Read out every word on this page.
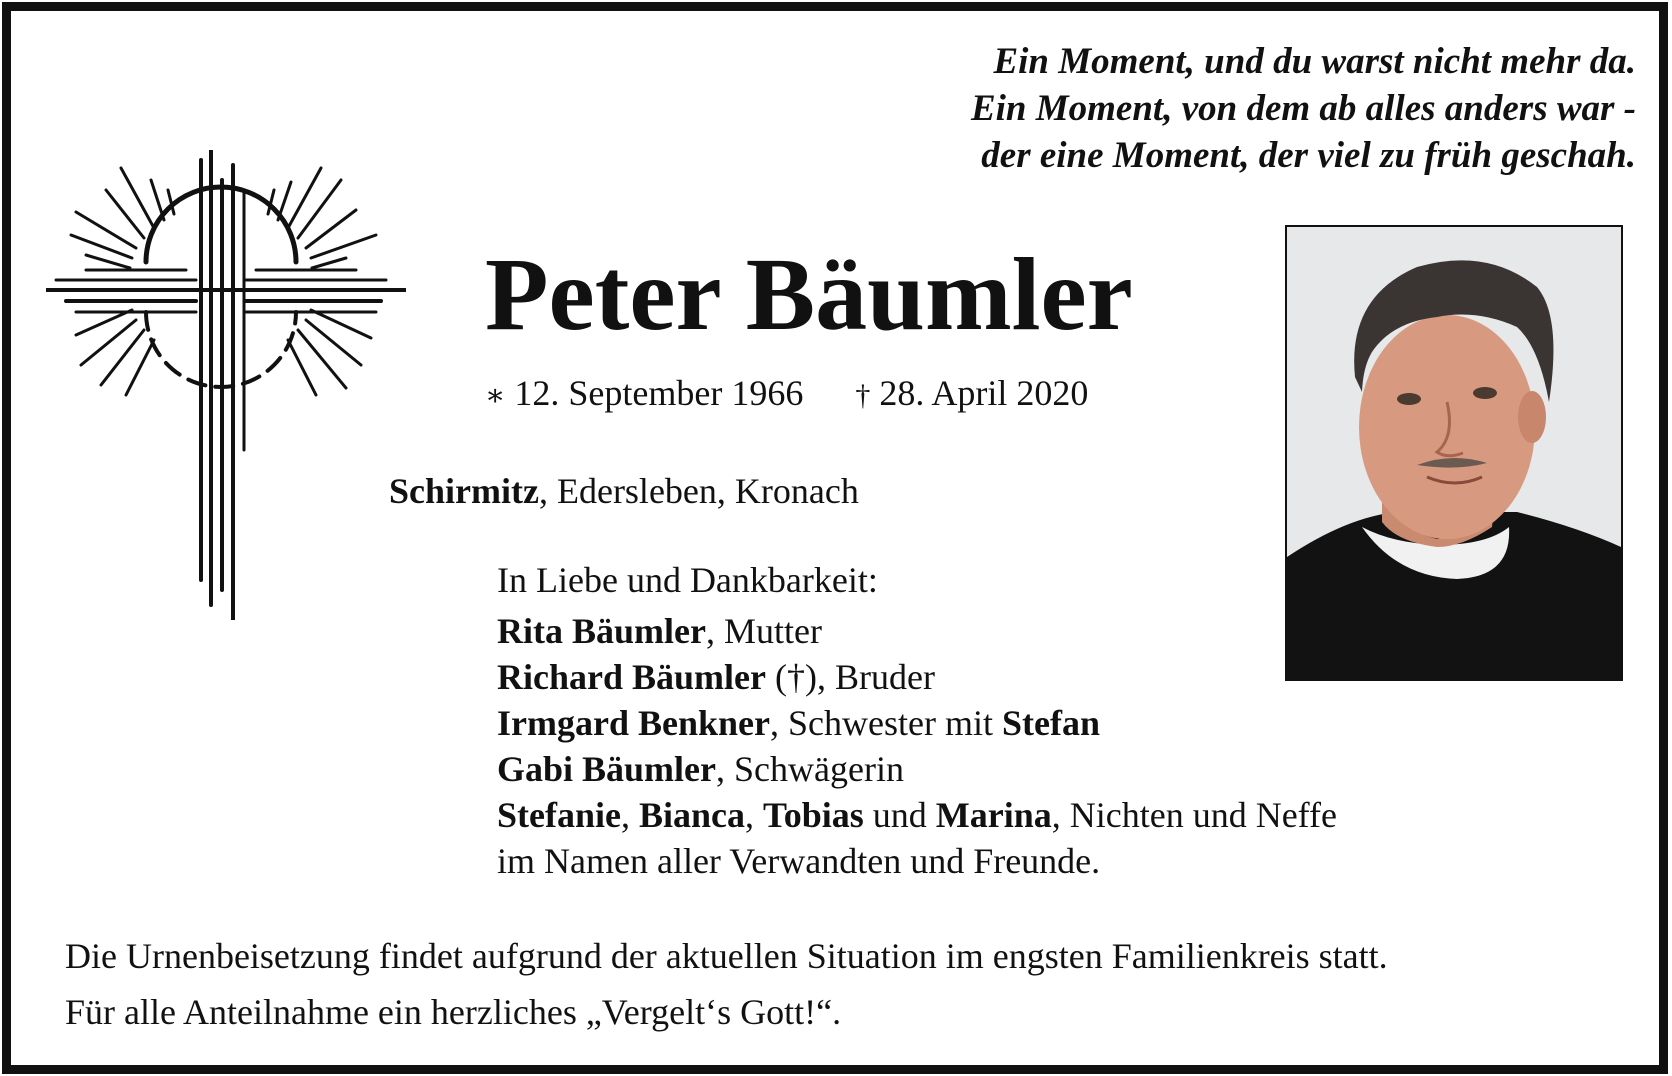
Ein Moment, und du warst nicht mehr da.
Ein Moment, von dem ab alles anders war -
der eine Moment, der viel zu früh geschah.
Peter Bäumler
∗ 12. September 1966 † 28. April 2020
Schirmitz, Edersleben, Kronach
In Liebe und Dankbarkeit:
Rita Bäumler, Mutter
Richard Bäumler (†), Bruder
Irmgard Benkner, Schwester mit Stefan
Gabi Bäumler, Schwägerin
Stefanie, Bianca, Tobias und Marina, Nichten und Neffe
im Namen aller Verwandten und Freunde.
Die Urnenbeisetzung findet aufgrund der aktuellen Situation im engsten Familienkreis statt.
Für alle Anteilnahme ein herzliches „Vergelt‘s Gott!“.
